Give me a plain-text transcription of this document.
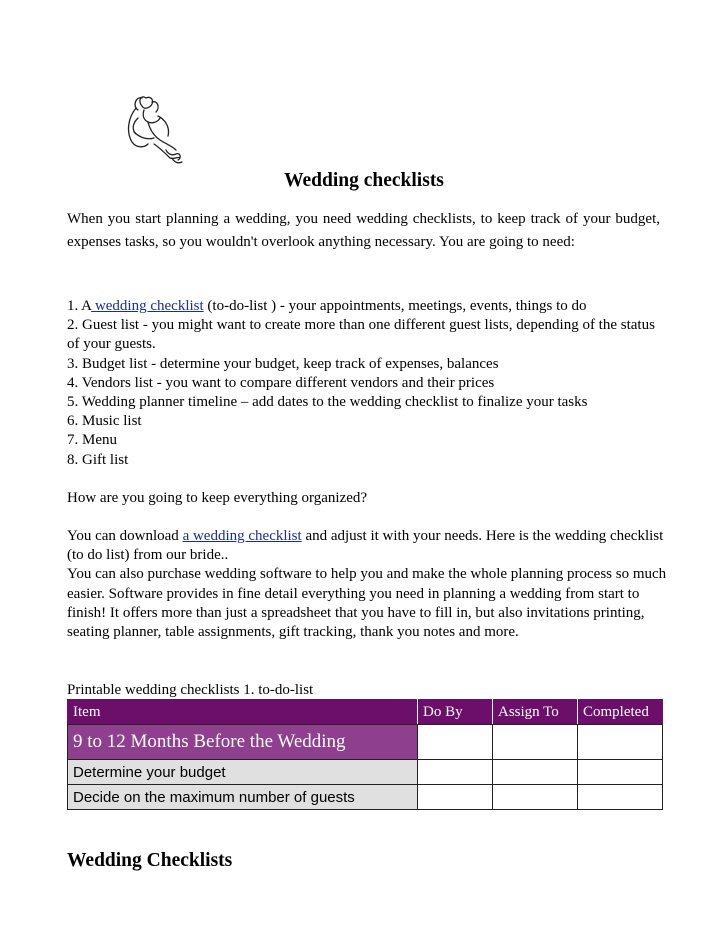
Wedding checklists

When you start planning a wedding, you need wedding checklists, to keep track of your budget, expenses tasks, so you wouldn't overlook anything necessary. You are going to need:

1. A wedding checklist (to-do-list ) - your appointments, meetings, events, things to do

2. Guest list - you might want to create more than one different guest lists, depending of the status of your guests.

3. Budget list - determine your budget, keep track of expenses, balances

4. Vendors list - you want to compare different vendors and their prices

5. Wedding planner timeline – add dates to the wedding checklist to finalize your tasks

6. Music list

7. Menu

8. Gift list

How are you going to keep everything organized?

You can download a wedding checklist and adjust it with your needs. Here is the wedding checklist (to do list) from our bride..

You can also purchase wedding software to help you and make the whole planning process so much easier. Software provides in fine detail everything you need in planning a wedding from start to finish! It offers more than just a spreadsheet that you have to fill in, but also invitations printing, seating planner, table assignments, gift tracking, thank you notes and more.

Printable wedding checklists 1. to-do-list

Item	Do By	Assign To	Completed
9 to 12 Months Before the Wedding			
Determine your budget			
Decide on the maximum number of guests			
Wedding Checklists
